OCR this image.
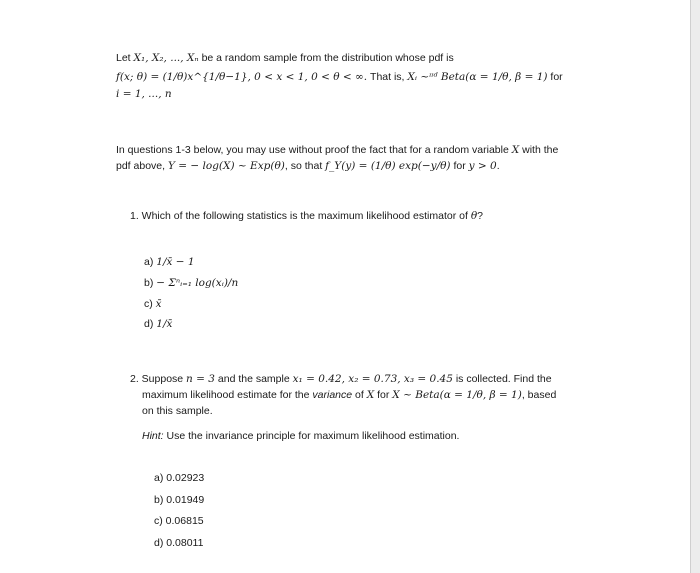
Let X₁, X₂, ..., Xₙ be a random sample from the distribution whose pdf is
f(x; θ) = (1/θ)x^{1/θ−1}, 0 < x < 1, 0 < θ < ∞. That is, Xᵢ ~ᶦᶦᵈ Beta(α = 1/θ, β = 1) for
i = 1, ..., n
In questions 1-3 below, you may use without proof the fact that for a random variable X with the
pdf above, Y = − log(X) ~ Exp(θ), so that f_Y(y) = (1/θ) exp(−y/θ) for y > 0.
1. Which of the following statistics is the maximum likelihood estimator of θ?
a) 1/x̄ − 1
b) − Σⁿᵢ₌₁ log(xᵢ)/n
c) x̄
d) 1/x̄
2. Suppose n = 3 and the sample x₁ = 0.42, x₂ = 0.73, x₃ = 0.45 is collected. Find the
maximum likelihood estimate for the variance of X for X ~ Beta(α = 1/θ, β = 1), based
on this sample.
Hint: Use the invariance principle for maximum likelihood estimation.
a) 0.02923
b) 0.01949
c) 0.06815
d) 0.08011
